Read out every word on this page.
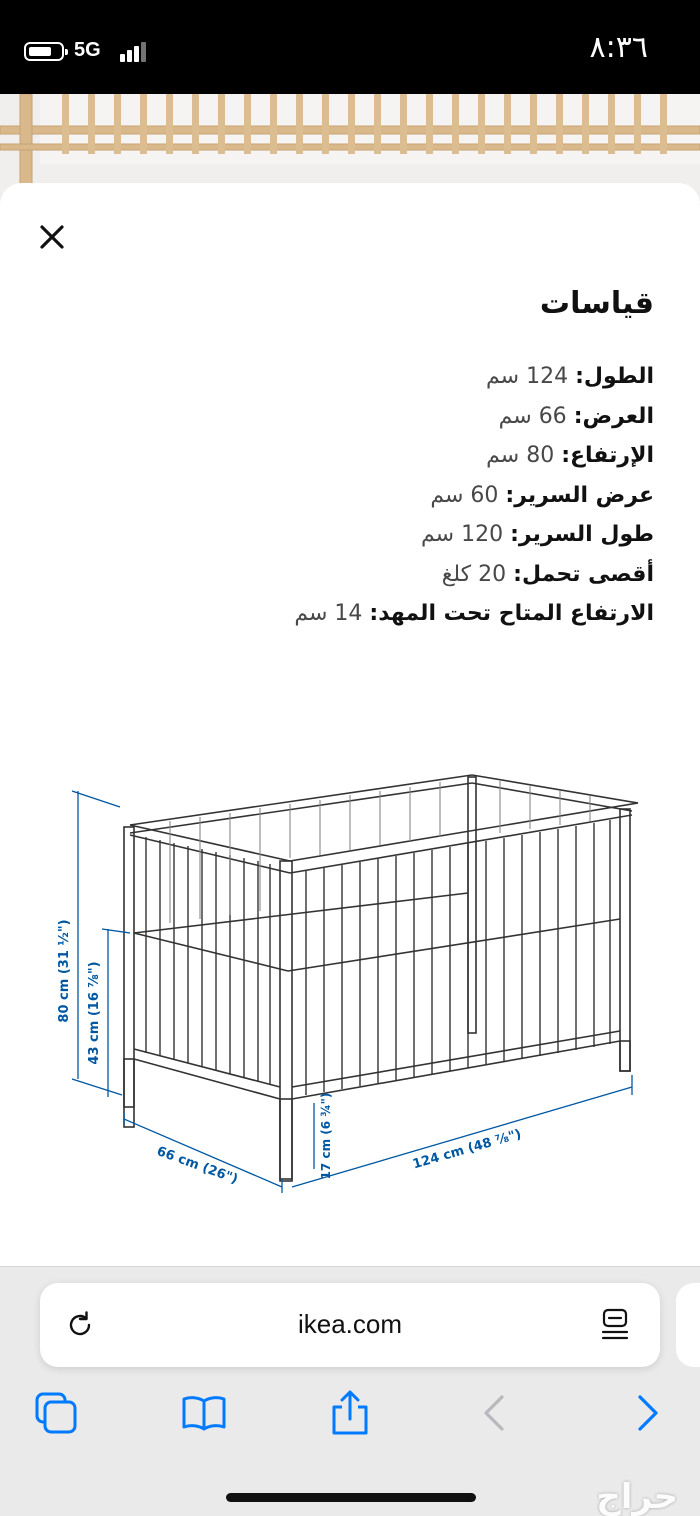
5G	٨:٣٦
قياسات
الطول: 124 سم
العرض: 66 سم
الإرتفاع: 80 سم
عرض السرير: 60 سم
طول السرير: 120 سم
أقصى تحمل: 20 كلغ
الارتفاع المتاح تحت المهد: 14 سم
80 cm (31 ½") 43 cm (16 ⅞")
66 cm (26")	17 cm (6 ¾")	124 cm (48 ⅞")
ikea.com
حراج
